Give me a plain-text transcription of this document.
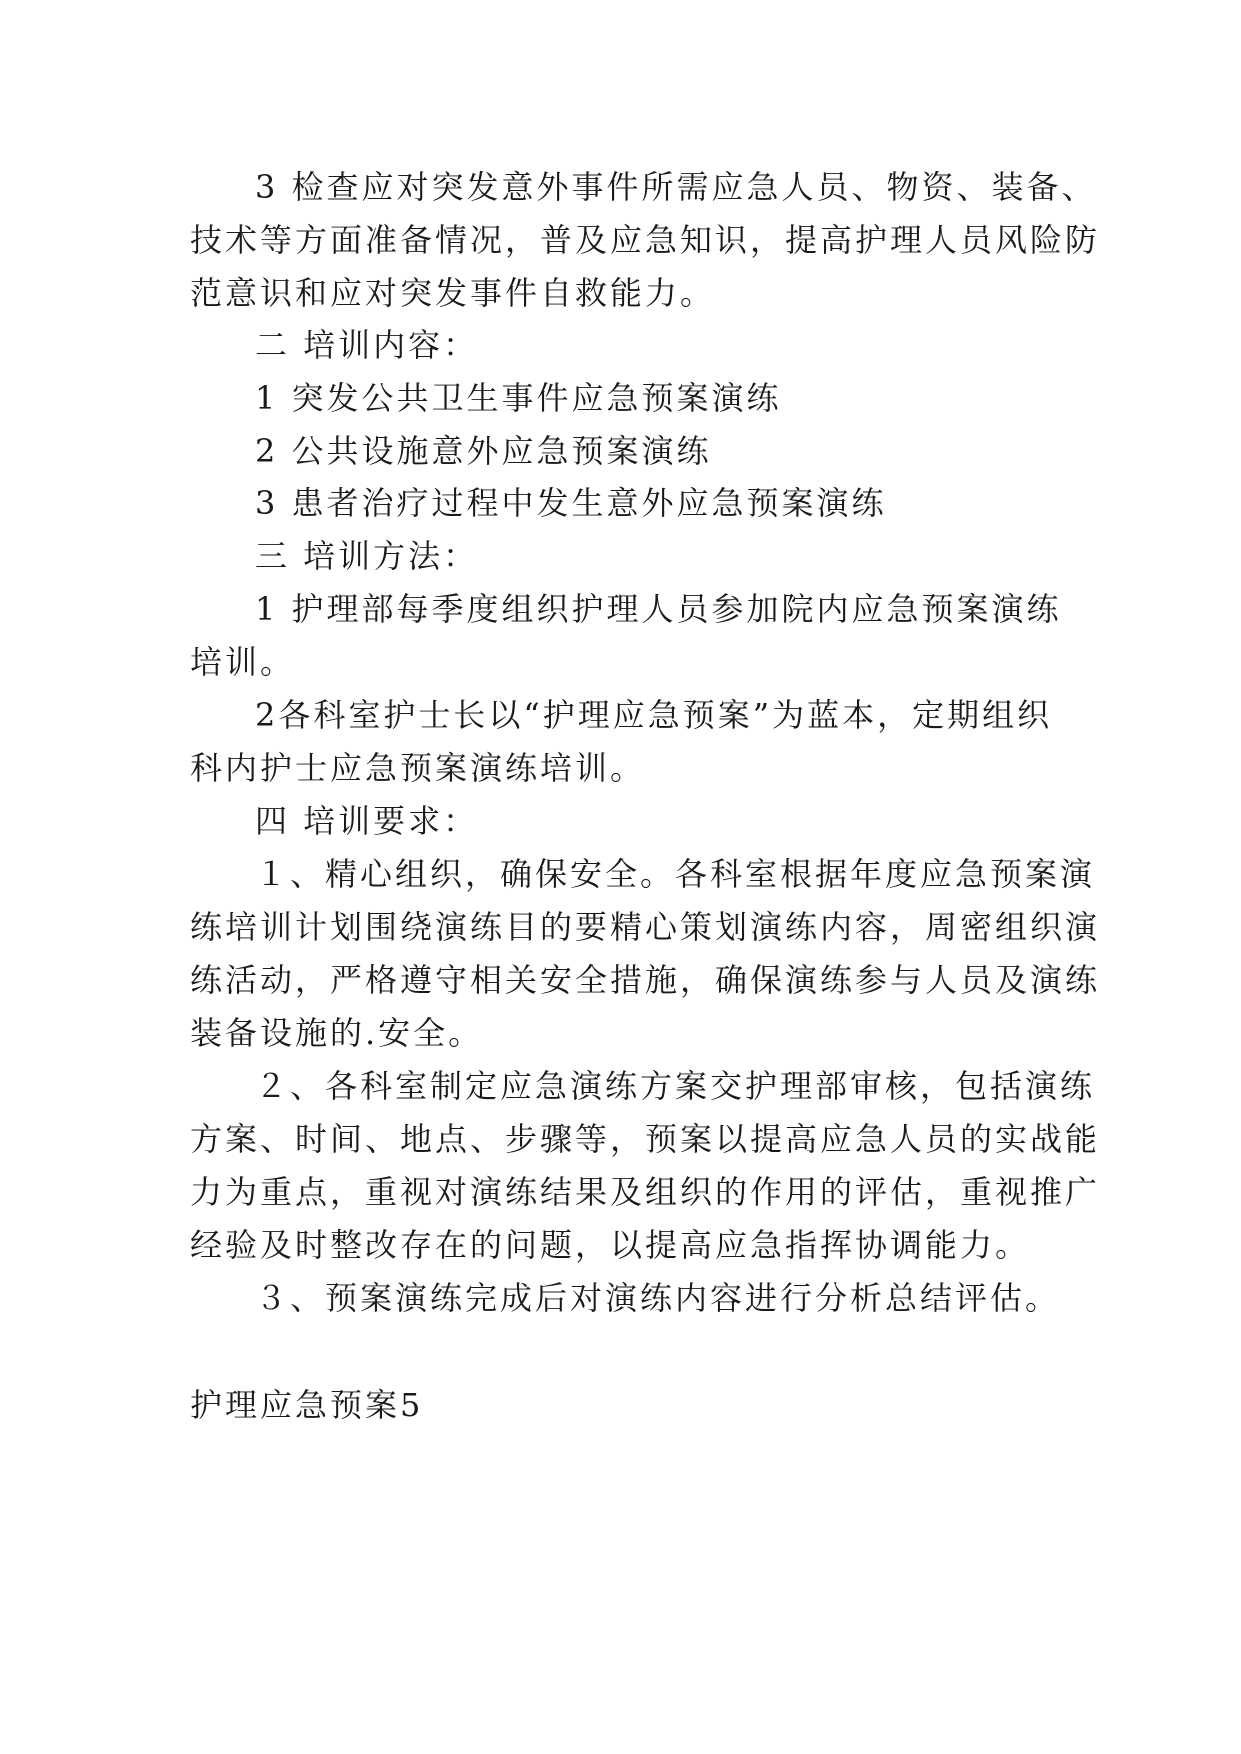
3 检查应对突发意外事件所需应急人员、物资、装备、
技术等方面准备情况，普及应急知识，提高护理人员风险防
范意识和应对突发事件自救能力。
二 培训内容：
1 突发公共卫生事件应急预案演练
2 公共设施意外应急预案演练
3 患者治疗过程中发生意外应急预案演练
三 培训方法：
1 护理部每季度组织护理人员参加院内应急预案演练
培训。
2各科室护士长以“护理应急预案”为蓝本，定期组织
科内护士应急预案演练培训。
四 培训要求：
１、精心组织，确保安全。各科室根据年度应急预案演
练培训计划围绕演练目的要精心策划演练内容，周密组织演
练活动，严格遵守相关安全措施，确保演练参与人员及演练
装备设施的.安全。
２、各科室制定应急演练方案交护理部审核，包括演练
方案、时间、地点、步骤等，预案以提高应急人员的实战能
力为重点，重视对演练结果及组织的作用的评估，重视推广
经验及时整改存在的问题，以提高应急指挥协调能力。
３、预案演练完成后对演练内容进行分析总结评估。
护理应急预案5
